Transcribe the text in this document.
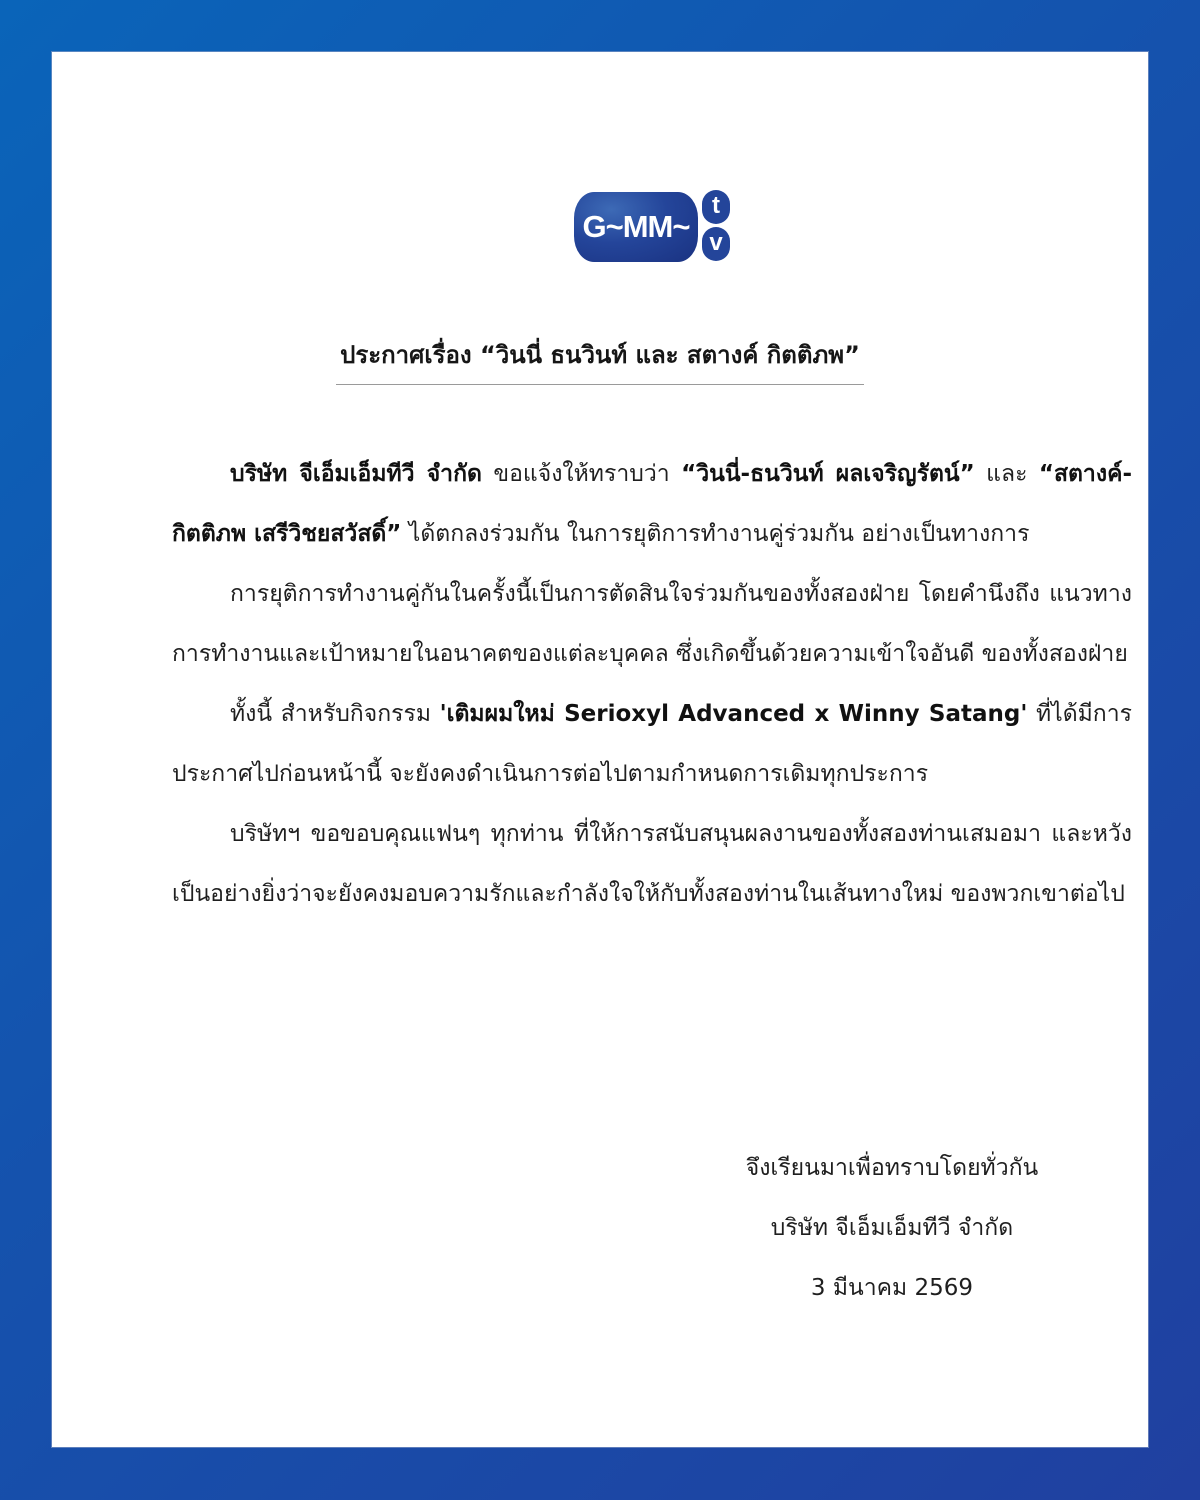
G~MM~
t
v
ประกาศเรื่อง “วินนี่ ธนวินท์ และ สตางค์ กิตติภพ”

บริษัท จีเอ็มเอ็มทีวี จำกัด ขอแจ้งให้ทราบว่า “วินนี่-ธนวินท์ ผลเจริญรัตน์” และ “สตางค์-กิตติภพ เสรีวิชยสวัสดิ์” ได้ตกลงร่วมกัน ในการยุติการทำงานคู่ร่วมกัน อย่างเป็นทางการ

การยุติการทำงานคู่กันในครั้งนี้เป็นการตัดสินใจร่วมกันของทั้งสองฝ่าย โดยคำนึงถึง แนวทางการทำงานและเป้าหมายในอนาคตของแต่ละบุคคล ซึ่งเกิดขึ้นด้วยความเข้าใจอันดี ของทั้งสองฝ่าย

ทั้งนี้ สำหรับกิจกรรม 'เติมผมใหม่ Serioxyl Advanced x Winny Satang' ที่ได้มีการประกาศไปก่อนหน้านี้ จะยังคงดำเนินการต่อไปตามกำหนดการเดิมทุกประการ

บริษัทฯ ขอขอบคุณแฟนๆ ทุกท่าน ที่ให้การสนับสนุนผลงานของทั้งสองท่านเสมอมา และหวังเป็นอย่างยิ่งว่าจะยังคงมอบความรักและกำลังใจให้กับทั้งสองท่านในเส้นทางใหม่ ของพวกเขาต่อไป

จึงเรียนมาเพื่อทราบโดยทั่วกัน
บริษัท จีเอ็มเอ็มทีวี จำกัด
3 มีนาคม 2569
